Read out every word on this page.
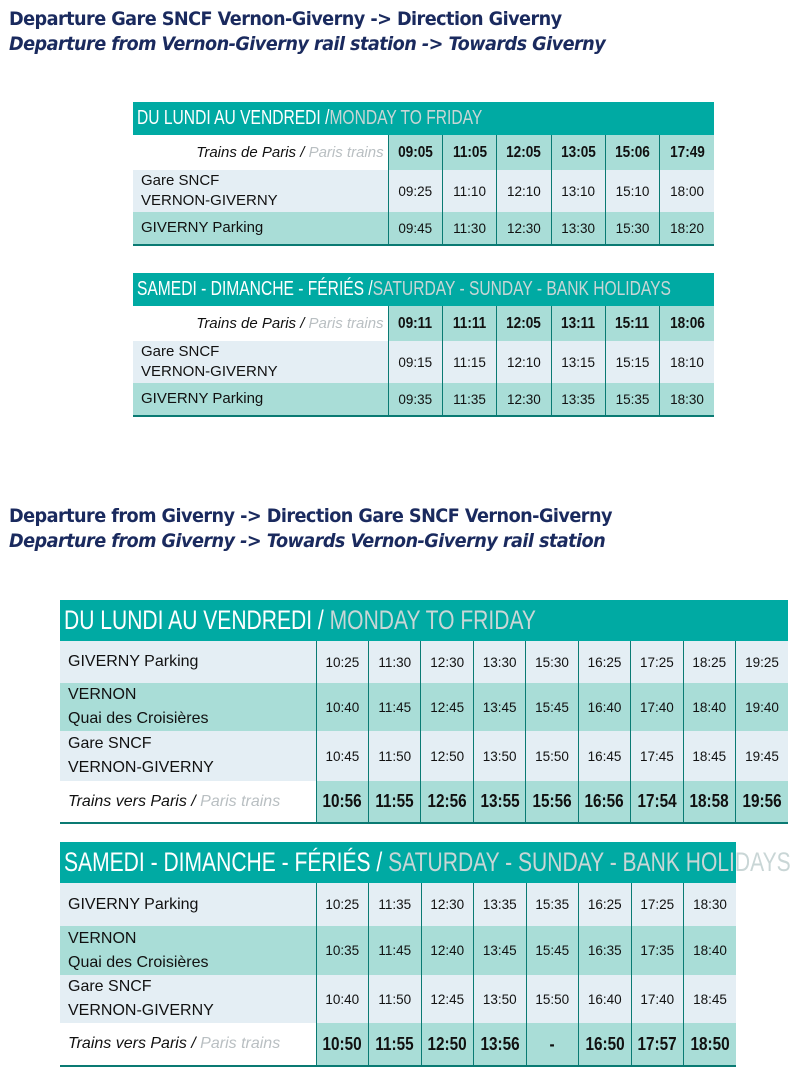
Departure Gare SNCF Vernon-Giverny -> Direction Giverny
Departure from Vernon-Giverny rail station -> Towards Giverny
DU LUNDI AU VENDREDI /MONDAY TO FRIDAY						
Trains de Paris / Paris trains	09:05	11:05	12:05	13:05	15:06	17:49
Gare SNCF
VERNON-GIVERNY	09:25	11:10	12:10	13:10	15:10	18:00
GIVERNY Parking	09:45	11:30	12:30	13:30	15:30	18:20
SAMEDI - DIMANCHE - FÉRIÉS /SATURDAY - SUNDAY - BANK HOLIDAYS						
Trains de Paris / Paris trains	09:11	11:11	12:05	13:11	15:11	18:06
Gare SNCF
VERNON-GIVERNY	09:15	11:15	12:10	13:15	15:15	18:10
GIVERNY Parking	09:35	11:35	12:30	13:35	15:35	18:30
Departure from Giverny -> Direction Gare SNCF Vernon-Giverny
Departure from Giverny -> Towards Vernon-Giverny rail station
DU LUNDI AU VENDREDI / MONDAY TO FRIDAY									
GIVERNY Parking	10:25	11:30	12:30	13:30	15:30	16:25	17:25	18:25	19:25
VERNON
Quai des Croisières	10:40	11:45	12:45	13:45	15:45	16:40	17:40	18:40	19:40
Gare SNCF
VERNON-GIVERNY	10:45	11:50	12:50	13:50	15:50	16:45	17:45	18:45	19:45
Trains vers Paris / Paris trains	10:56	11:55	12:56	13:55	15:56	16:56	17:54	18:58	19:56
SAMEDI - DIMANCHE - FÉRIÉS / SATURDAY - SUNDAY - BANK HOLIDAYS								
GIVERNY Parking	10:25	11:35	12:30	13:35	15:35	16:25	17:25	18:30
VERNON
Quai des Croisières	10:35	11:45	12:40	13:45	15:45	16:35	17:35	18:40
Gare SNCF
VERNON-GIVERNY	10:40	11:50	12:45	13:50	15:50	16:40	17:40	18:45
Trains vers Paris / Paris trains	10:50	11:55	12:50	13:56	-	16:50	17:57	18:50
